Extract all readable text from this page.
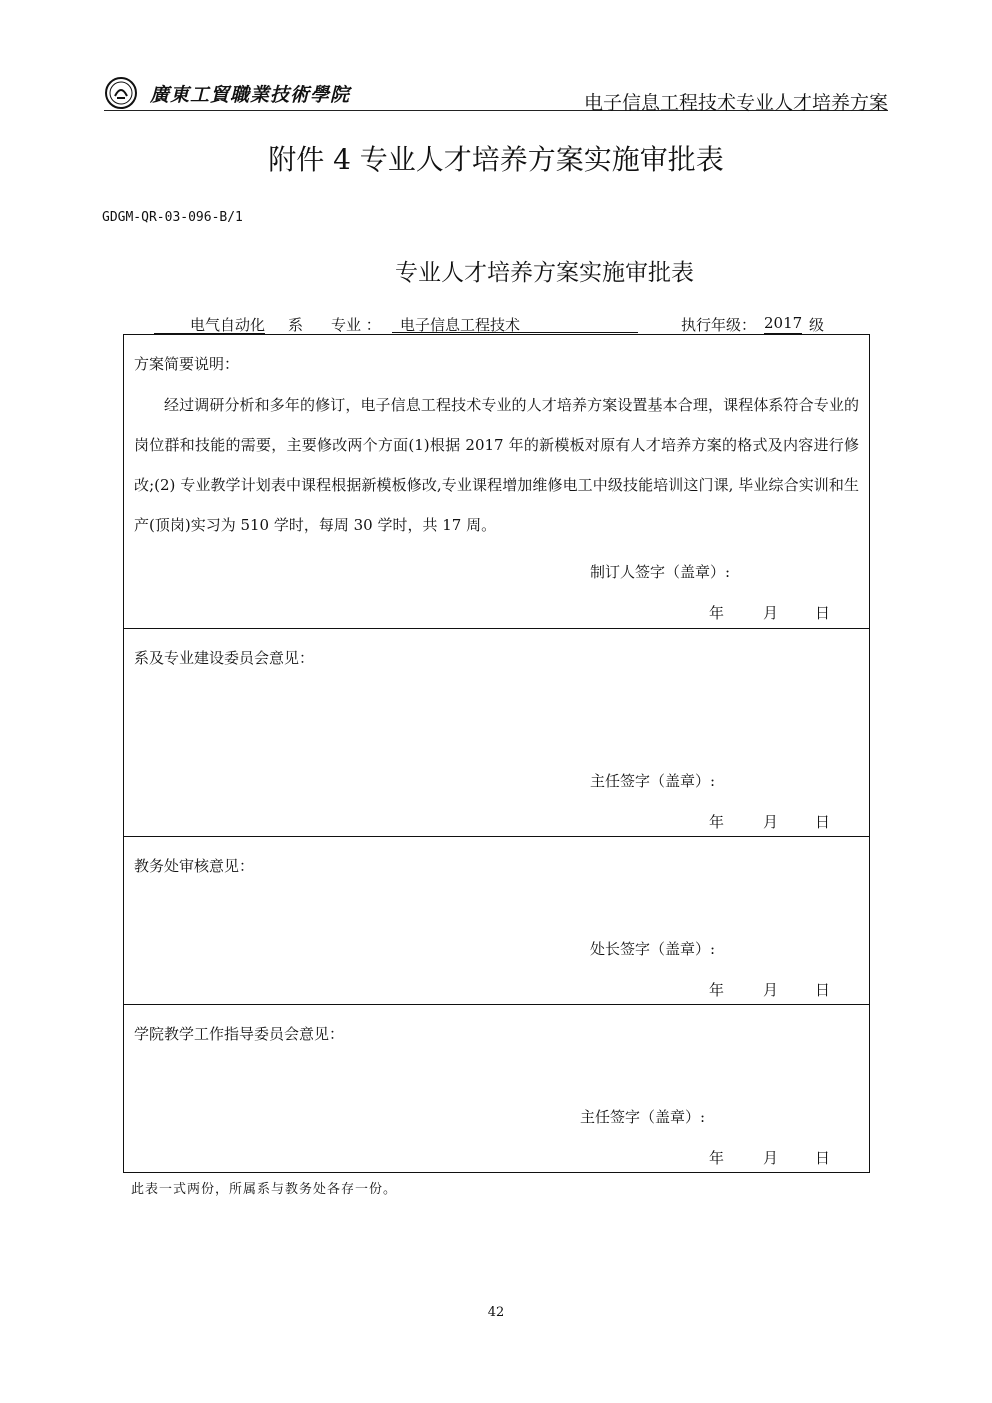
廣東工貿職業技術學院	电子信息工程技术专业人才培养方案
附件 4 专业人才培养方案实施审批表
GDGM-QR-03-096-B/1
专业人才培养方案实施审批表
电气自动化 系 专业 ：	电子信息工程技术	执行年级： 2017 级
方案简要说明：

经过调研分析和多年的修订，电子信息工程技术专业的人才培养方案设置基本合理，课程体系符合专业的岗位群和技能的需要，主要修改两个方面(1)根据 2017 年的新模板对原有人才培养方案的格式及内容进行修改;(2) 专业教学计划表中课程根据新模板修改,专业课程增加维修电工中级技能培训这门课, 毕业综合实训和生产(顶岗)实习为 510 学时，每周 30 学时，共 17 周。

制订人签字（盖章）:
年	月 日
系及专业建设委员会意见：
主任签字（盖章）:
年	月 日
教务处审核意见：
处长签字（盖章）:
年	月 日
学院教学工作指导委员会意见：
主任签字（盖章）:
年	月 日
此表一式两份，所属系与教务处各存一份。
42
